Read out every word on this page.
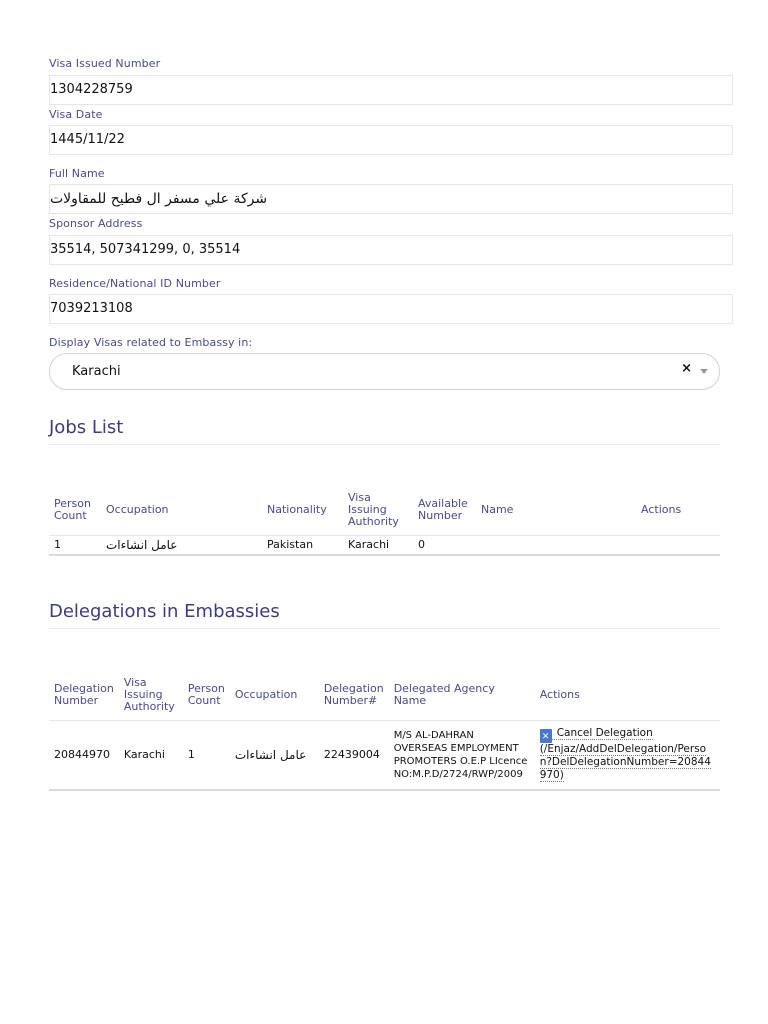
Visa Issued Number
1304228759
Visa Date
1445/11/22
Full Name
شركة علي مسفر ال فطيح للمقاولات
Sponsor Address
35514, 507341299, 0, 35514
Residence/National ID Number
7039213108
Display Visas related to Embassy in:
Karachi	×
Jobs List
Person Count	Occupation	Nationality	Visa Issuing Authority	Available Number	Name	Actions
1	عامل انشاءات	Pakistan	Karachi	0		
Delegations in Embassies
Delegation Number	Visa Issuing Authority	Person Count	Occupation	Delegation Number#	Delegated Agency Name	Actions
20844970	Karachi	1	عامل انشاءات	22439004	M/S AL-DAHRAN OVERSEAS EMPLOYMENT PROMOTERS O.E.P LIcence NO:M.P.D/2724/RWP/2009	✕ Cancel Delegation
(/Enjaz/AddDelDelegation/Person?DelDelegationNumber=20844970)
